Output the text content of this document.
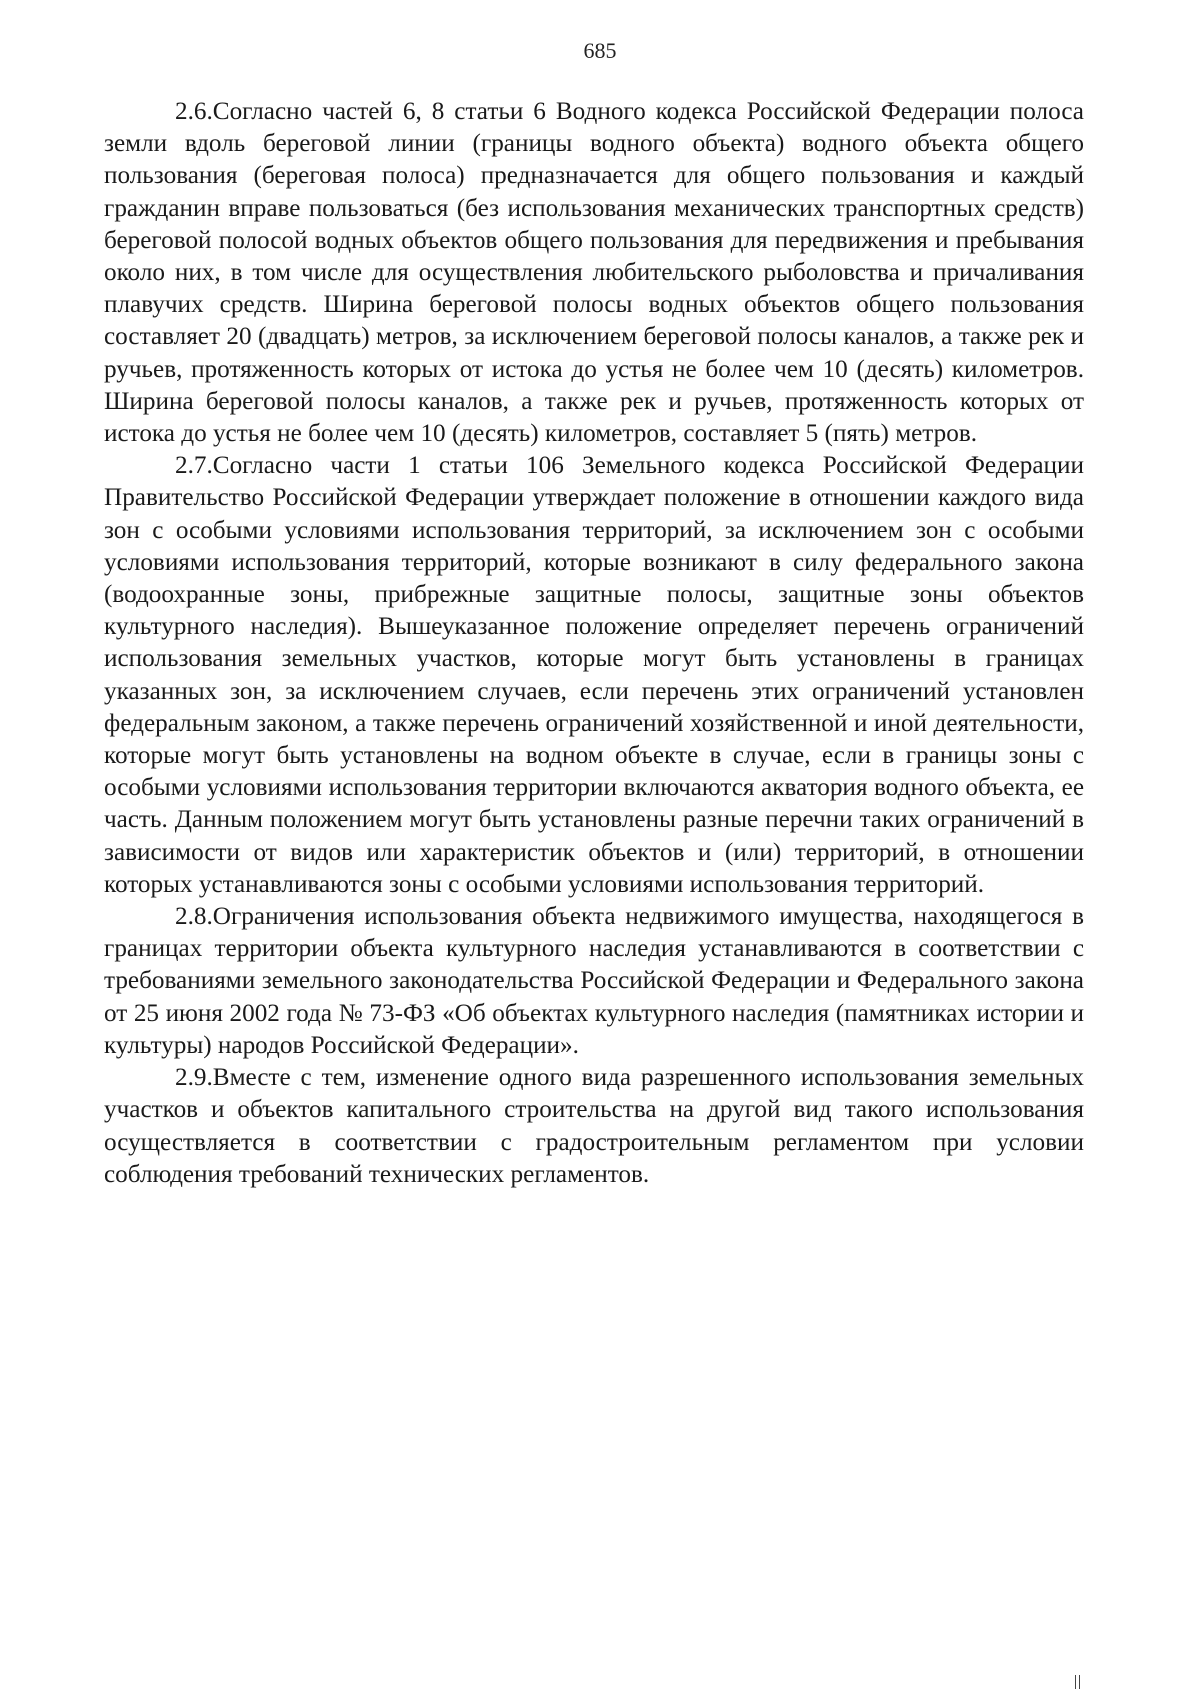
685

2.6.Согласно частей 6, 8 статьи 6 Водного кодекса Российской Федерации полоса земли вдоль береговой линии (границы водного объекта) водного объекта общего пользования (береговая полоса) предназначается для общего пользования и каждый гражданин вправе пользоваться (без использования механических транспортных средств) береговой полосой водных объектов общего пользования для передвижения и пребывания около них, в том числе для осуществления любительского рыболовства и причаливания плавучих средств. Ширина береговой полосы водных объектов общего пользования составляет 20 (двадцать) метров, за исключением береговой полосы каналов, а также рек и ручьев, протяженность которых от истока до устья не более чем 10 (десять) километров. Ширина береговой полосы каналов, а также рек и ручьев, протяженность которых от истока до устья не более чем 10 (десять) километров, составляет 5 (пять) метров.

2.7.Согласно части 1 статьи 106 Земельного кодекса Российской Федерации Правительство Российской Федерации утверждает положение в отношении каждого вида зон с особыми условиями использования территорий, за исключением зон с особыми условиями использования территорий, которые возникают в силу федерального закона (водоохранные зоны, прибрежные защитные полосы, защитные зоны объектов культурного наследия). Вышеуказанное положение определяет перечень ограничений использования земельных участков, которые могут быть установлены в границах указанных зон, за исключением случаев, если перечень этих ограничений установлен федеральным законом, а также перечень ограничений хозяйственной и иной деятельности, которые могут быть установлены на водном объекте в случае, если в границы зоны с особыми условиями использования территории включаются акватория водного объекта, ее часть. Данным положением могут быть установлены разные перечни таких ограничений в зависимости от видов или характеристик объектов и (или) территорий, в отношении которых устанавливаются зоны с особыми условиями использования территорий.

2.8.Ограничения использования объекта недвижимого имущества, находящегося в границах территории объекта культурного наследия устанавливаются в соответствии с требованиями земельного законодательства Российской Федерации и Федерального закона от 25 июня 2002 года № 73-ФЗ «Об объектах культурного наследия (памятниках истории и культуры) народов Российской Федерации».

2.9.Вместе с тем, изменение одного вида разрешенного использования земельных участков и объектов капитального строительства на другой вид такого использования осуществляется в соответствии с градостроительным регламентом при условии соблюдения требований технических регламентов.
